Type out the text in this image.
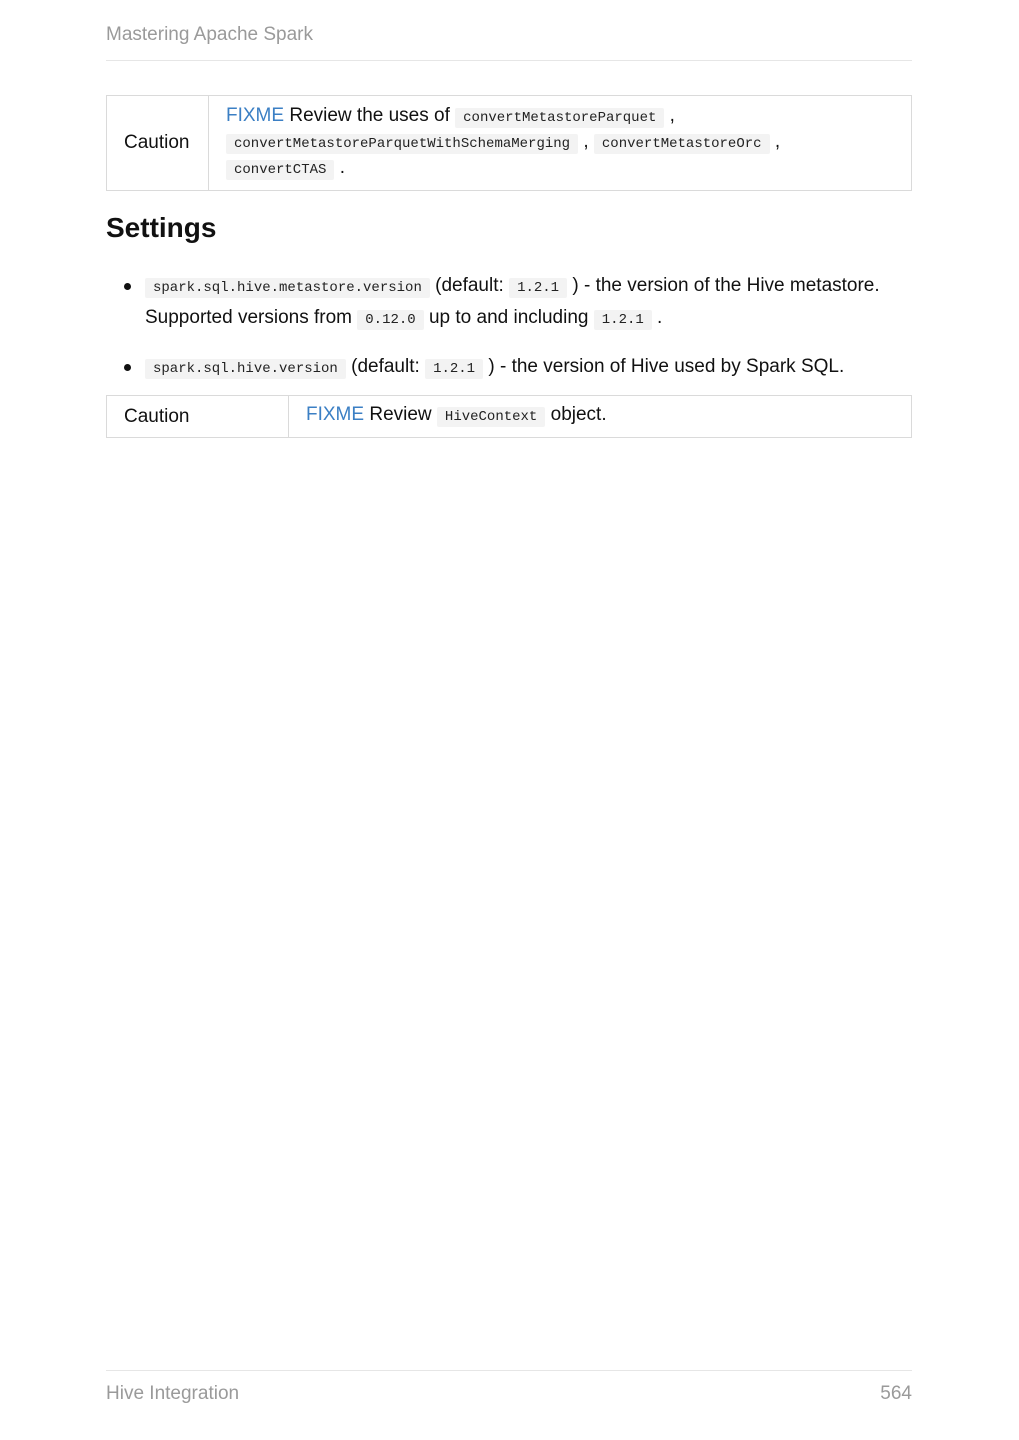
Mastering Apache Spark
Caution
FIXME Review the uses of convertMetastoreParquet , convertMetastoreParquetWithSchemaMerging , convertMetastoreOrc ,
convertCTAS .
Settings
spark.sql.hive.metastore.version (default: 1.2.1 ) - the version of the Hive metastore. Supported versions from 0.12.0 up to and including 1.2.1 .
spark.sql.hive.version (default: 1.2.1 ) - the version of Hive used by Spark SQL.
Caution	FIXME Review HiveContext object.
Hive Integration	564
